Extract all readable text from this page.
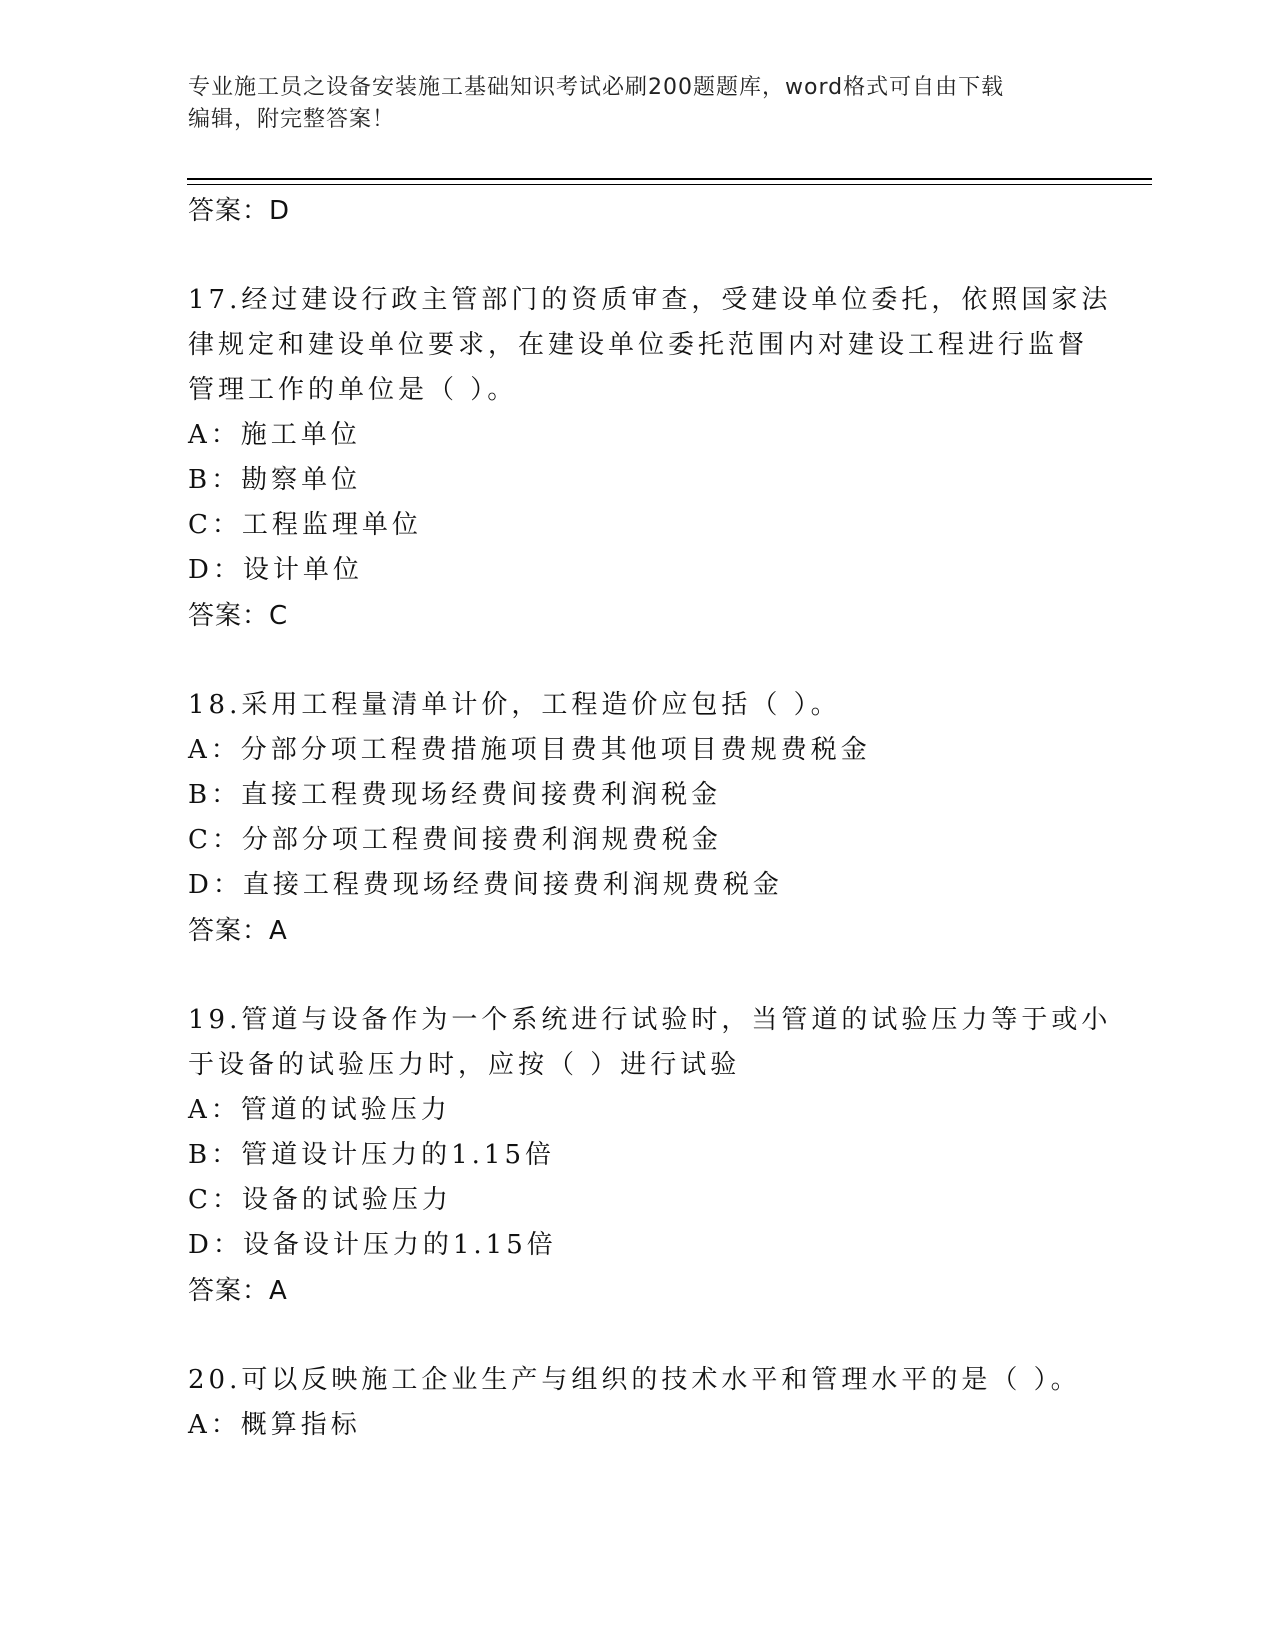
专业施工员之设备安装施工基础知识考试必刷200题题库，word格式可自由下载
编辑，附完整答案！
答案：D
17.经过建设行政主管部门的资质审查，受建设单位委托，依照国家法
律规定和建设单位要求，在建设单位委托范围内对建设工程进行监督
管理工作的单位是（ ）。
A：施工单位
B：勘察单位
C：工程监理单位
D：设计单位
答案：C
18.采用工程量清单计价，工程造价应包括（ ）。
A：分部分项工程费措施项目费其他项目费规费税金
B：直接工程费现场经费间接费利润税金
C：分部分项工程费间接费利润规费税金
D：直接工程费现场经费间接费利润规费税金
答案：A
19.管道与设备作为一个系统进行试验时，当管道的试验压力等于或小
于设备的试验压力时，应按（ ）进行试验
A：管道的试验压力
B：管道设计压力的1.15倍
C：设备的试验压力
D：设备设计压力的1.15倍
答案：A
20.可以反映施工企业生产与组织的技术水平和管理水平的是（ ）。
A：概算指标
